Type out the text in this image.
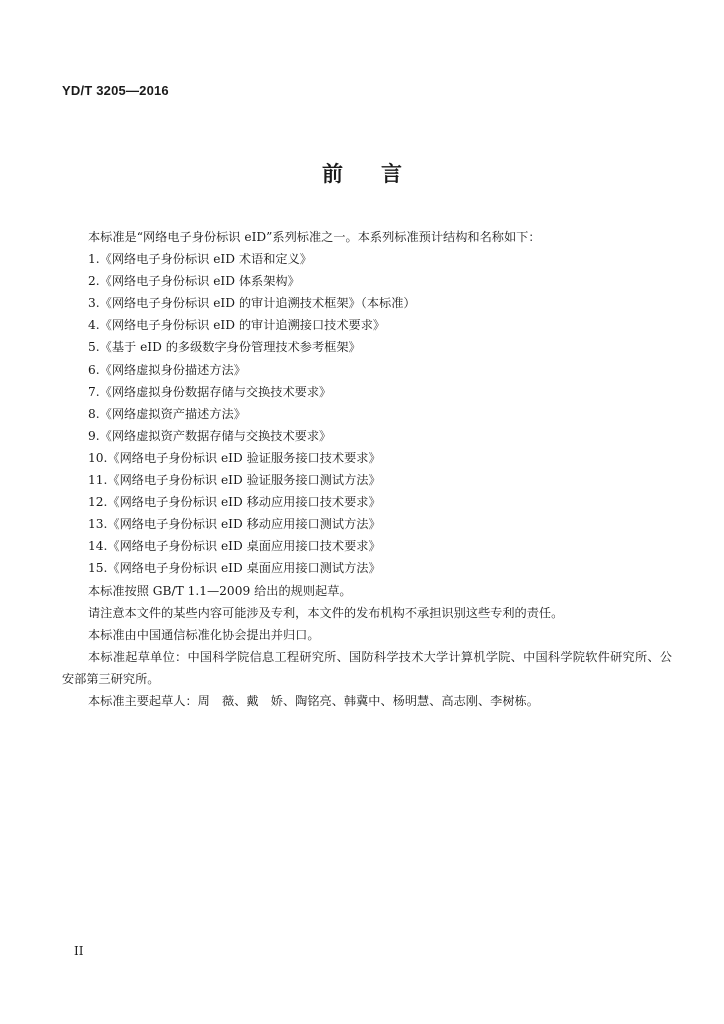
YD/T 3205—2016
前 言

本标准是“网络电子身份标识 eID”系列标准之一。本系列标准预计结构和名称如下：

1.《网络电子身份标识 eID 术语和定义》

2.《网络电子身份标识 eID 体系架构》

3.《网络电子身份标识 eID 的审计追溯技术框架》（本标准）

4.《网络电子身份标识 eID 的审计追溯接口技术要求》

5.《基于 eID 的多级数字身份管理技术参考框架》

6.《网络虚拟身份描述方法》

7.《网络虚拟身份数据存储与交换技术要求》

8.《网络虚拟资产描述方法》

9.《网络虚拟资产数据存储与交换技术要求》

10.《网络电子身份标识 eID 验证服务接口技术要求》

11.《网络电子身份标识 eID 验证服务接口测试方法》

12.《网络电子身份标识 eID 移动应用接口技术要求》

13.《网络电子身份标识 eID 移动应用接口测试方法》

14.《网络电子身份标识 eID 桌面应用接口技术要求》

15.《网络电子身份标识 eID 桌面应用接口测试方法》

本标准按照 GB/T 1.1—2009 给出的规则起草。

请注意本文件的某些内容可能涉及专利，本文件的发布机构不承担识别这些专利的责任。

本标准由中国通信标准化协会提出并归口。

本标准起草单位：中国科学院信息工程研究所、国防科学技术大学计算机学院、中国科学院软件研究所、公安部第三研究所。

本标准主要起草人：周　薇、戴　娇、陶铭亮、韩冀中、杨明慧、高志刚、李树栋。

II
